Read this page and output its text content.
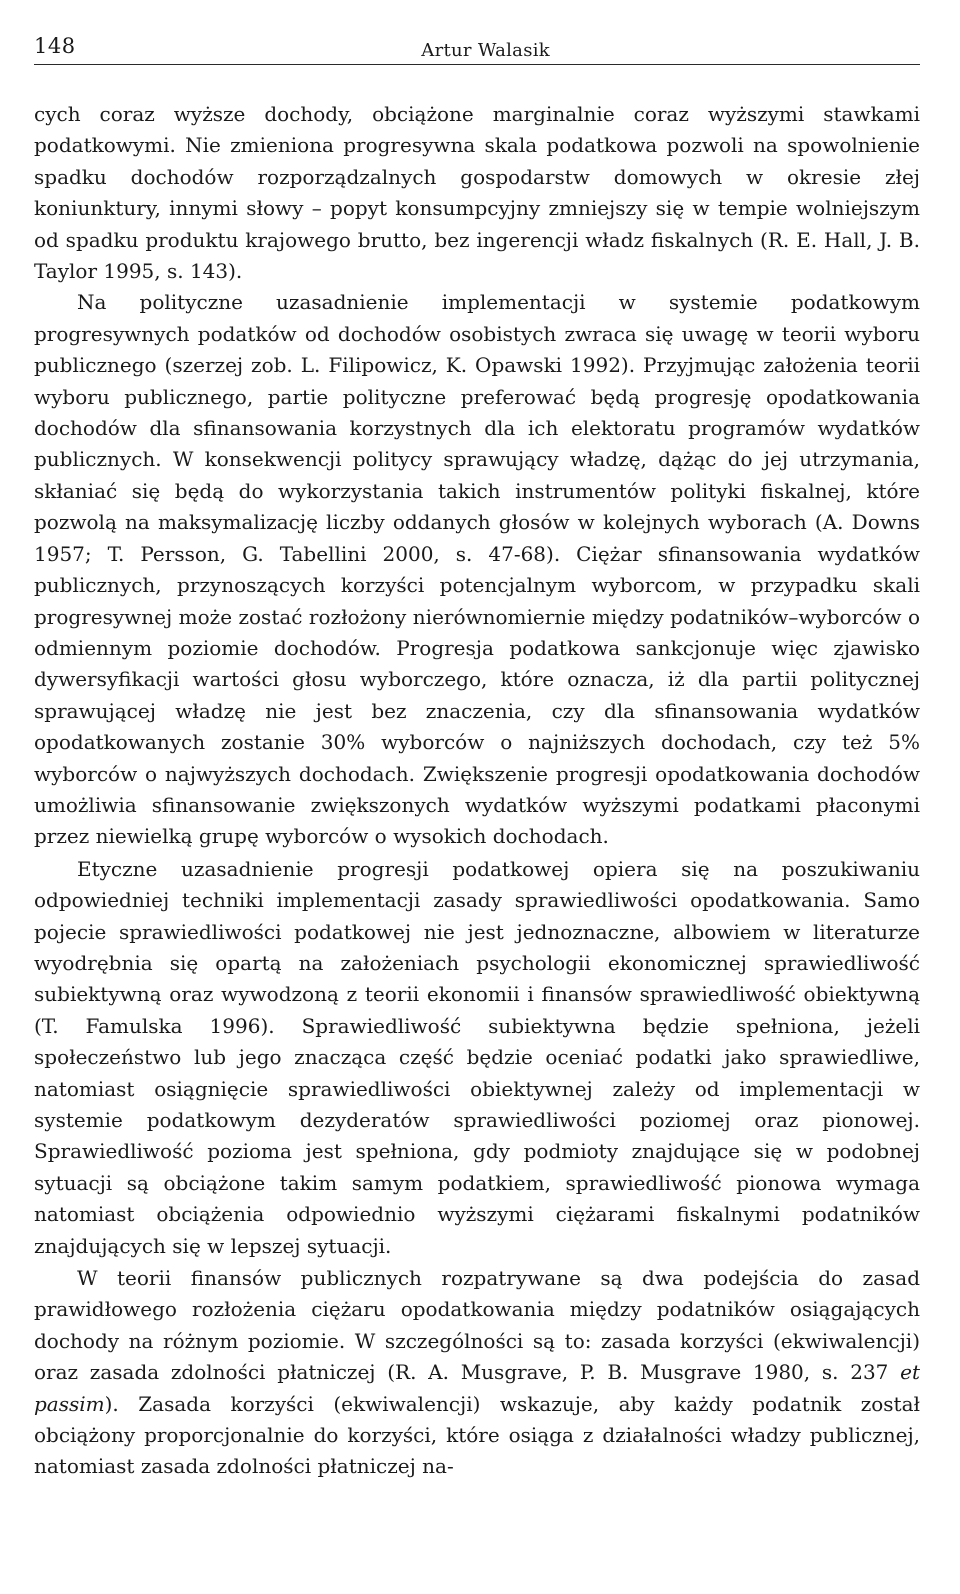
148	Artur Walasik

cych coraz wyższe dochody, obciążone marginalnie coraz wyższymi stawkami podatkowymi. Nie zmieniona progresywna skala podatkowa pozwoli na spowolnienie spadku dochodów rozporządzalnych gospodarstw domowych w okresie złej koniunktury, innymi słowy – popyt konsumpcyjny zmniejszy się w tempie wolniejszym od spadku produktu krajowego brutto, bez ingerencji władz fiskalnych (R. E. Hall, J. B. Taylor 1995, s. 143).

Na polityczne uzasadnienie implementacji w systemie podatkowym progresywnych podatków od dochodów osobistych zwraca się uwagę w teorii wyboru publicznego (szerzej zob. L. Filipowicz, K. Opawski 1992). Przyjmując założenia teorii wyboru publicznego, partie polityczne preferować będą progresję opodatkowania dochodów dla sfinansowania korzystnych dla ich elektoratu programów wydatków publicznych. W konsekwencji politycy sprawujący władzę, dążąc do jej utrzymania, skłaniać się będą do wykorzystania takich instrumentów polityki fiskalnej, które pozwolą na maksymalizację liczby oddanych głosów w kolejnych wyborach (A. Downs 1957; T. Persson, G. Tabellini 2000, s. 47-68). Ciężar sfinansowania wydatków publicznych, przynoszących korzyści potencjalnym wyborcom, w przypadku skali progresywnej może zostać rozłożony nierównomiernie między podatników–wyborców o odmiennym poziomie dochodów. Progresja podatkowa sankcjonuje więc zjawisko dywersyfikacji wartości głosu wyborczego, które oznacza, iż dla partii politycznej sprawującej władzę nie jest bez znaczenia, czy dla sfinansowania wydatków opodatkowanych zostanie 30% wyborców o najniższych dochodach, czy też 5% wyborców o najwyższych dochodach. Zwiększenie progresji opodatkowania dochodów umożliwia sfinansowanie zwiększonych wydatków wyższymi podatkami płaconymi przez niewielką grupę wyborców o wysokich dochodach.

Etyczne uzasadnienie progresji podatkowej opiera się na poszukiwaniu odpowiedniej techniki implementacji zasady sprawiedliwości opodatkowania. Samo pojecie sprawiedliwości podatkowej nie jest jednoznaczne, albowiem w literaturze wyodrębnia się opartą na założeniach psychologii ekonomicznej sprawiedliwość subiektywną oraz wywodzoną z teorii ekonomii i finansów sprawiedliwość obiektywną (T. Famulska 1996). Sprawiedliwość subiektywna będzie spełniona, jeżeli społeczeństwo lub jego znacząca część będzie oceniać podatki jako sprawiedliwe, natomiast osiągnięcie sprawiedliwości obiektywnej zależy od implementacji w systemie podatkowym dezyderatów sprawiedliwości poziomej oraz pionowej. Sprawiedliwość pozioma jest spełniona, gdy podmioty znajdujące się w podobnej sytuacji są obciążone takim samym podatkiem, sprawiedliwość pionowa wymaga natomiast obciążenia odpowiednio wyższymi ciężarami fiskalnymi podatników znajdujących się w lepszej sytuacji.

W teorii finansów publicznych rozpatrywane są dwa podejścia do zasad prawidłowego rozłożenia ciężaru opodatkowania między podatników osiągających dochody na różnym poziomie. W szczególności są to: zasada korzyści (ekwiwalencji) oraz zasada zdolności płatniczej (R. A. Musgrave, P. B. Musgrave 1980, s. 237 et passim). Zasada korzyści (ekwiwalencji) wskazuje, aby każdy podatnik został obciążony proporcjonalnie do korzyści, które osiąga z działalności władzy publicznej, natomiast zasada zdolności płatniczej na-
